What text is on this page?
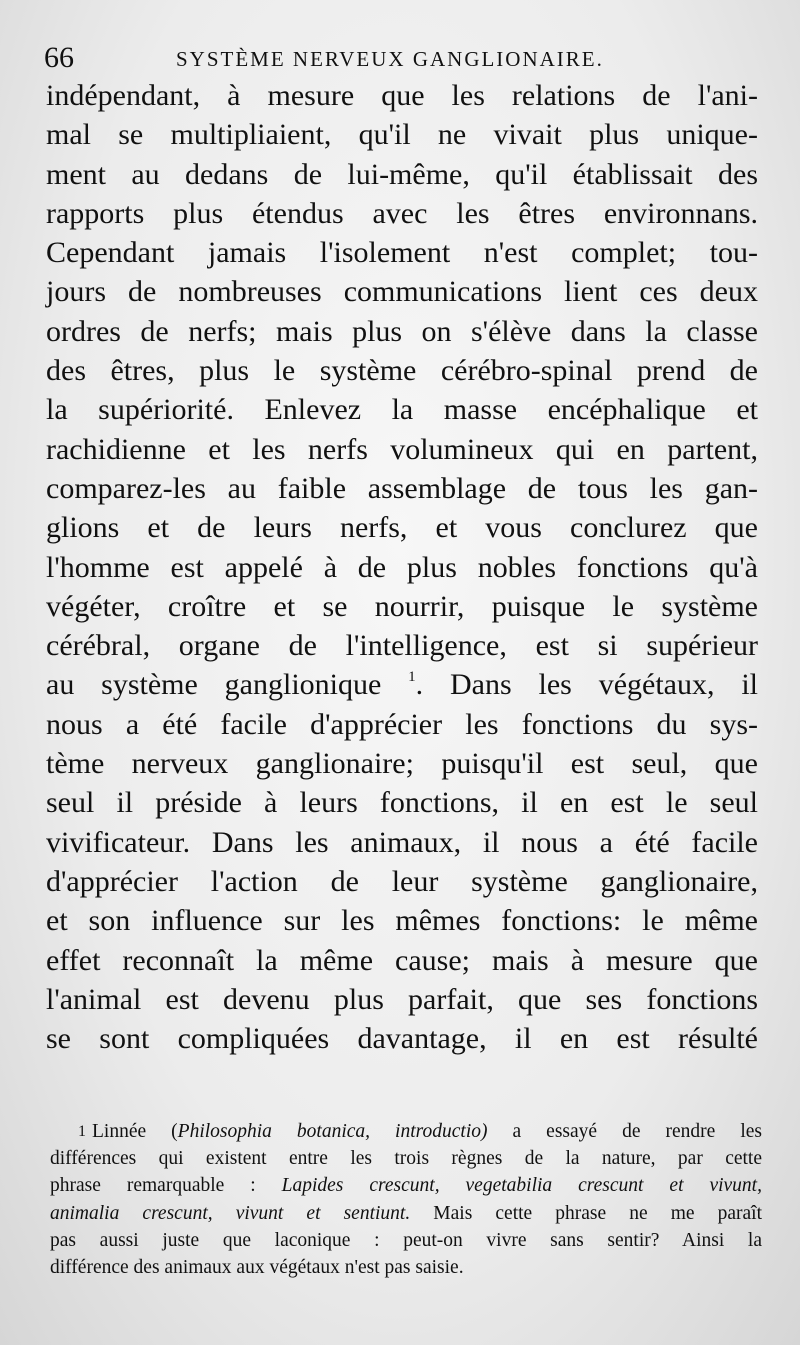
66	SYSTÈME NERVEUX GANGLIONAIRE.
indépendant, à mesure que les relations de l'ani-
mal se multipliaient, qu'il ne vivait plus unique-
ment au dedans de lui-même, qu'il établissait des
rapports plus étendus avec les êtres environnans.
Cependant jamais l'isolement n'est complet; tou-
jours de nombreuses communications lient ces deux
ordres de nerfs; mais plus on s'élève dans la classe
des êtres, plus le système cérébro-spinal prend de
la supériorité. Enlevez la masse encéphalique et
rachidienne et les nerfs volumineux qui en partent,
comparez-les au faible assemblage de tous les gan-
glions et de leurs nerfs, et vous conclurez que
l'homme est appelé à de plus nobles fonctions qu'à
végéter, croître et se nourrir, puisque le système
cérébral, organe de l'intelligence, est si supérieur
au système ganglionique $^1$. Dans les végétaux, il
nous a été facile d'apprécier les fonctions du sys-
tème nerveux ganglionaire; puisqu'il est seul, que
seul il préside à leurs fonctions, il en est le seul
vivificateur. Dans les animaux, il nous a été facile
d'apprécier l'action de leur système ganglionaire,
et son influence sur les mêmes fonctions: le même
effet reconnaît la même cause; mais à mesure que
l'animal est devenu plus parfait, que ses fonctions
se sont compliquées davantage, il en est résulté
1 Linnée (Philosophia botanica, introductio) a essayé de rendre les
différences qui existent entre les trois règnes de la nature, par cette
phrase remarquable : Lapides crescunt, vegetabilia crescunt et vivunt,
animalia crescunt, vivunt et sentiunt. Mais cette phrase ne me paraît
pas aussi juste que laconique : peut-on vivre sans sentir? Ainsi la
différence des animaux aux végétaux n'est pas saisie.
